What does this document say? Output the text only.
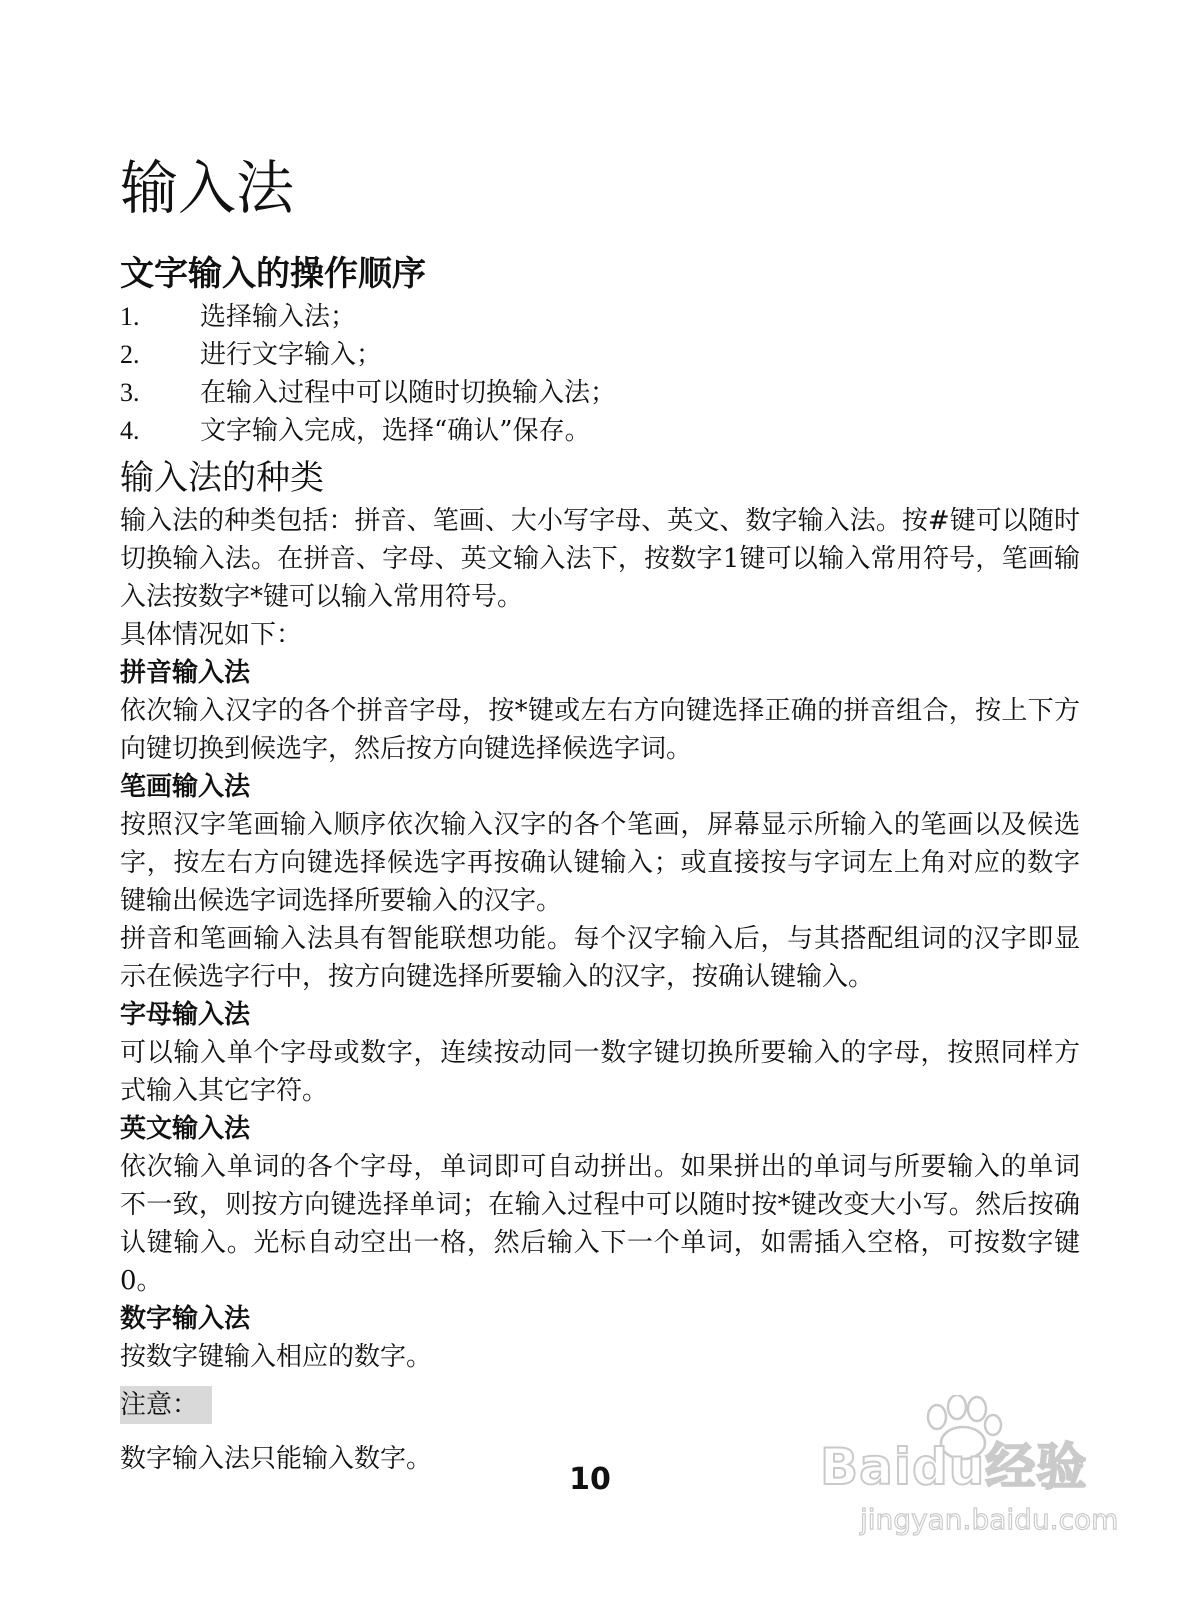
输入法
文字输入的操作顺序
1.	选择输入法；
2.	进行文字输入；
3.	在输入过程中可以随时切换输入法；
4.	文字输入完成，选择“确认”保存。
输入法的种类

输入法的种类包括：拼音、笔画、大小写字母、英文、数字输入法。按#键可以随时切换输入法。在拼音、字母、英文输入法下，按数字1键可以输入常用符号，笔画输入法按数字*键可以输入常用符号。

具体情况如下：

拼音输入法

依次输入汉字的各个拼音字母，按*键或左右方向键选择正确的拼音组合，按上下方向键切换到候选字，然后按方向键选择候选字词。

笔画输入法

按照汉字笔画输入顺序依次输入汉字的各个笔画，屏幕显示所输入的笔画以及候选字，按左右方向键选择候选字再按确认键输入；或直接按与字词左上角对应的数字键输出候选字词选择所要输入的汉字。

拼音和笔画输入法具有智能联想功能。每个汉字输入后，与其搭配组词的汉字即显示在候选字行中，按方向键选择所要输入的汉字，按确认键输入。

字母输入法

可以输入单个字母或数字，连续按动同一数字键切换所要输入的字母，按照同样方式输入其它字符。

英文输入法

依次输入单词的各个字母，单词即可自动拼出。如果拼出的单词与所要输入的单词不一致，则按方向键选择单词；在输入过程中可以随时按*键改变大小写。然后按确认键输入。光标自动空出一格，然后输入下一个单词，如需插入空格，可按数字键0。

数字输入法

按数字键输入相应的数字。

注意：

数字输入法只能输入数字。

10	Baidu经验
jingyan.baidu.com
